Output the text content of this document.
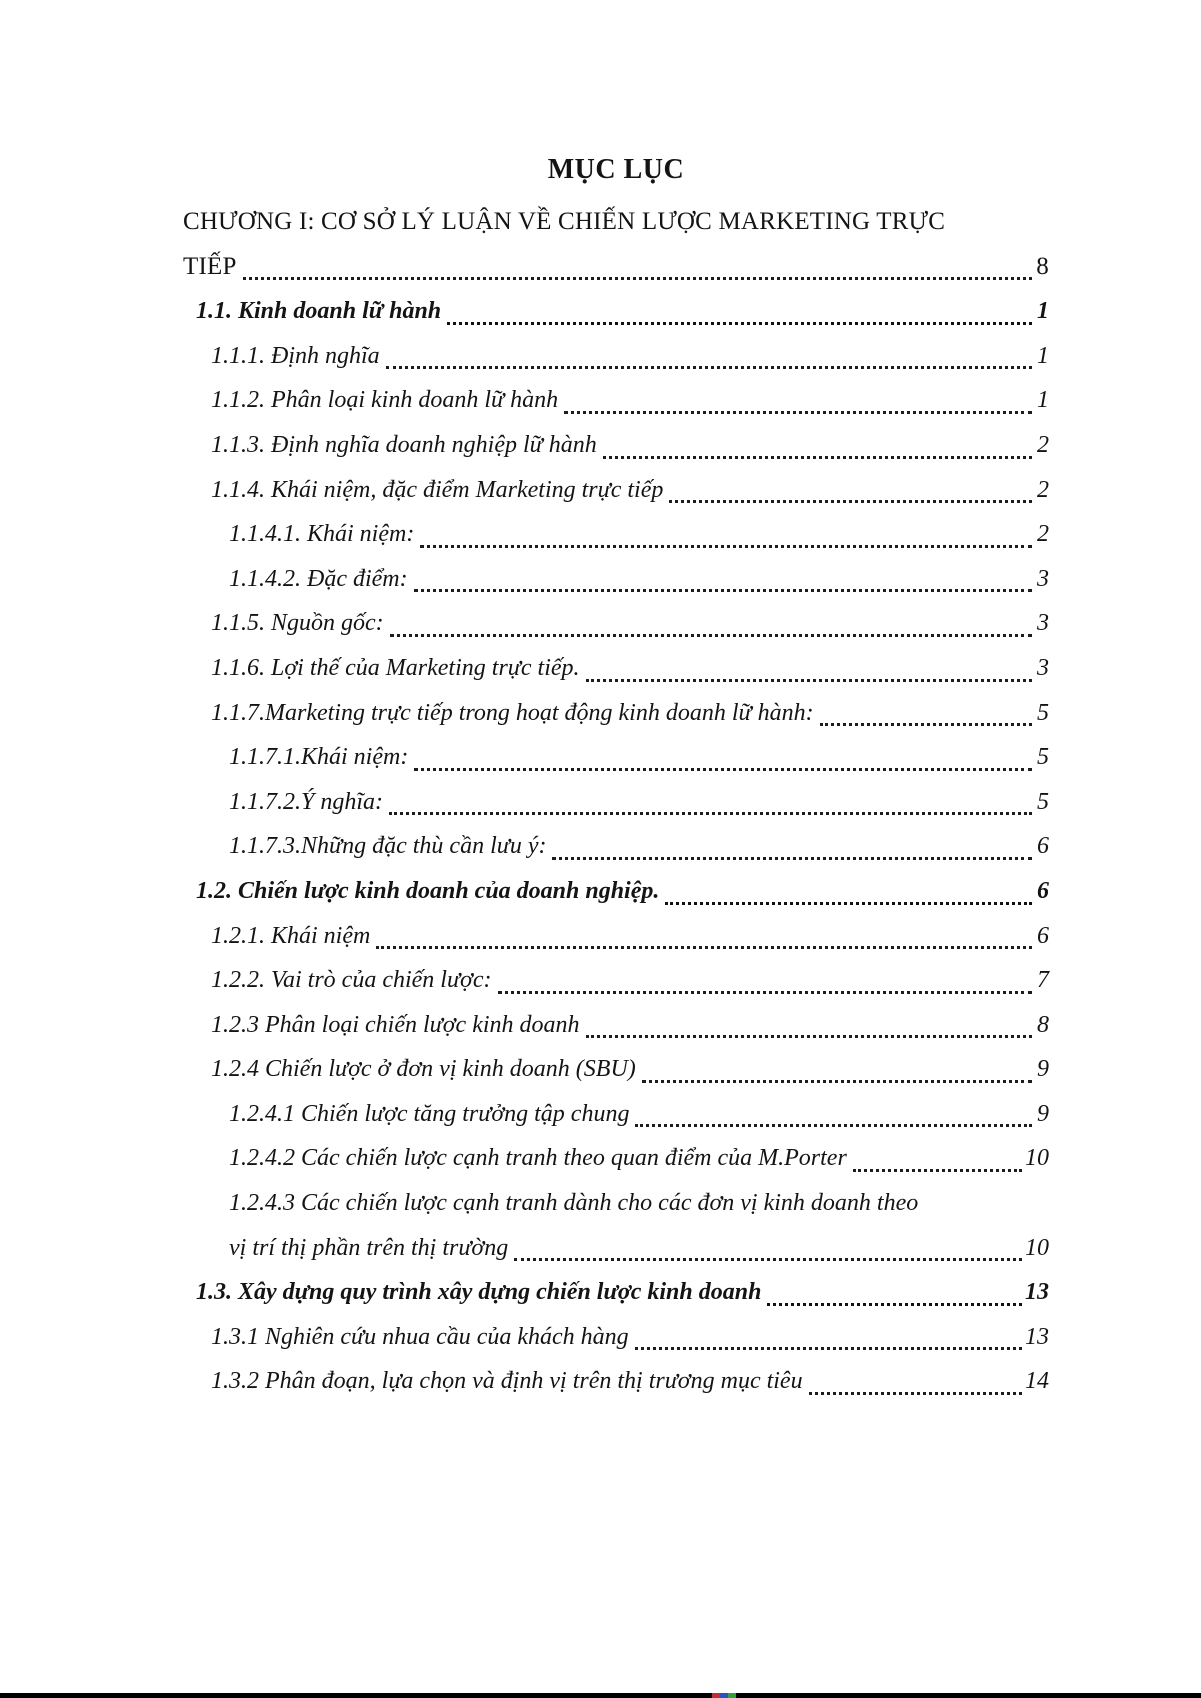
MỤC LỤC
CHƯƠNG I: CƠ SỞ LÝ LUẬN VỀ CHIẾN LƯỢC MARKETING TRỰC
TIẾP	8
1.1. Kinh doanh lữ hành	1
1.1.1. Định nghĩa	1
1.1.2. Phân loại kinh doanh lữ hành	1
1.1.3. Định nghĩa doanh nghiệp lữ hành	2
1.1.4. Khái niệm, đặc điểm Marketing trực tiếp	2
1.1.4.1. Khái niệm:	2
1.1.4.2. Đặc điểm:	3
1.1.5. Nguồn gốc:	3
1.1.6. Lợi thế của Marketing trực tiếp.	3
1.1.7.Marketing trực tiếp trong hoạt động kinh doanh lữ hành:	5
1.1.7.1.Khái niệm:	5
1.1.7.2.Ý nghĩa:	5
1.1.7.3.Những đặc thù cần lưu ý:	6
1.2. Chiến lược kinh doanh của doanh nghiệp.	6
1.2.1. Khái niệm	6
1.2.2. Vai trò của chiến lược:	7
1.2.3 Phân loại chiến lược kinh doanh	8
1.2.4 Chiến lược ở đơn vị kinh doanh (SBU)	9
1.2.4.1 Chiến lược tăng trưởng tập chung	9
1.2.4.2 Các chiến lược cạnh tranh theo quan điểm của M.Porter	10
1.2.4.3 Các chiến lược cạnh tranh dành cho các đơn vị kinh doanh theo
vị trí thị phần trên thị trường	10
1.3. Xây dựng quy trình xây dựng chiến lược kinh doanh	13
1.3.1 Nghiên cứu nhua cầu của khách hàng	13
1.3.2 Phân đoạn, lựa chọn và định vị trên thị trương mục tiêu	14
